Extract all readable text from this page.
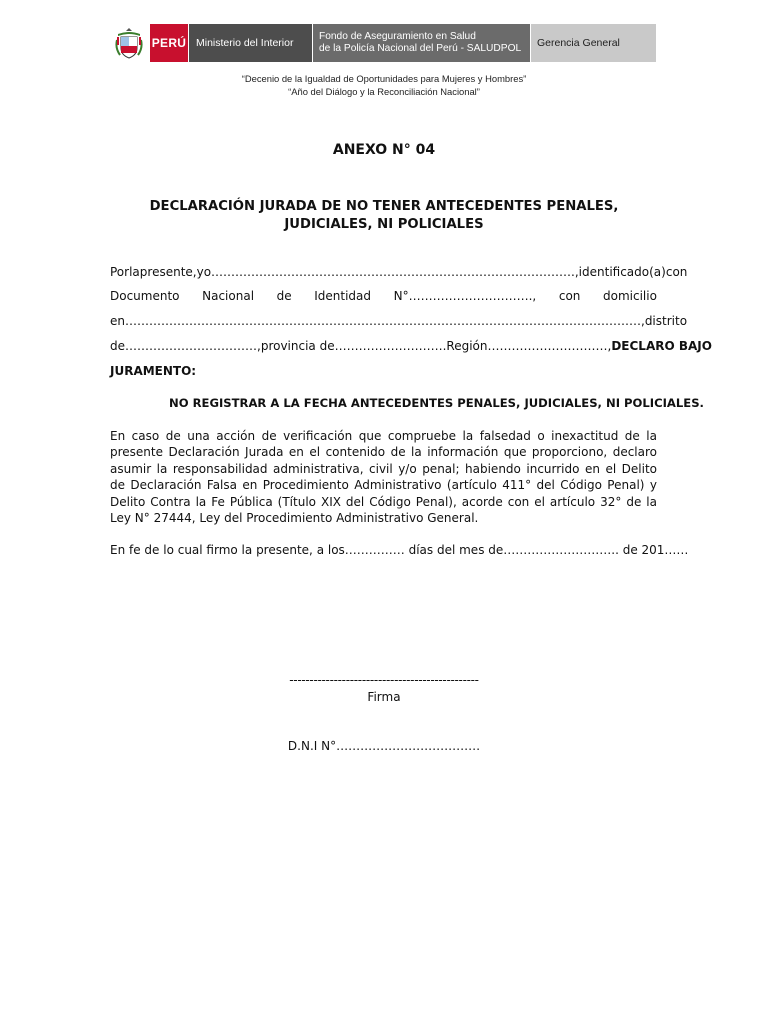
PERÚ Ministerio del Interior
Fondo de Aseguramiento en Salud
de la Policía Nacional del Perú - SALUDPOL	Gerencia General
“Decenio de la Igualdad de Oportunidades para Mujeres y Hombres”
“Año del Diálogo y la Reconciliación Nacional”
ANEXO N° 04
DECLARACIÓN JURADA DE NO TENER ANTECEDENTES PENALES, JUDICIALES, NI POLICIALES
Por la presente, yo………………………………………………………………………………., identificado(a) con
Documento Nacional de Identidad N°…………………………., con domicilio
en…………………………………………………………………………………………………………………, distrito
de……………………………, provincia de………………………. Región…………………………, DECLARO BAJO
JURAMENTO:
NO REGISTRAR A LA FECHA ANTECEDENTES PENALES, JUDICIALES, NI POLICIALES.
En caso de una acción de verificación que compruebe la falsedad o inexactitud de la presente Declaración Jurada en el contenido de la información que proporciono, declaro asumir la responsabilidad administrativa, civil y/o penal; habiendo incurrido en el Delito de Declaración Falsa en Procedimiento Administrativo (artículo 411° del Código Penal) y Delito Contra la Fe Pública (Título XIX del Código Penal), acorde con el artículo 32° de la Ley N° 27444, Ley del Procedimiento Administrativo General.
En fe de lo cual firmo la presente, a los…………… días del mes de……………………….. de 201……
-----------------------------------------------
Firma
D.N.I N°………………………………
